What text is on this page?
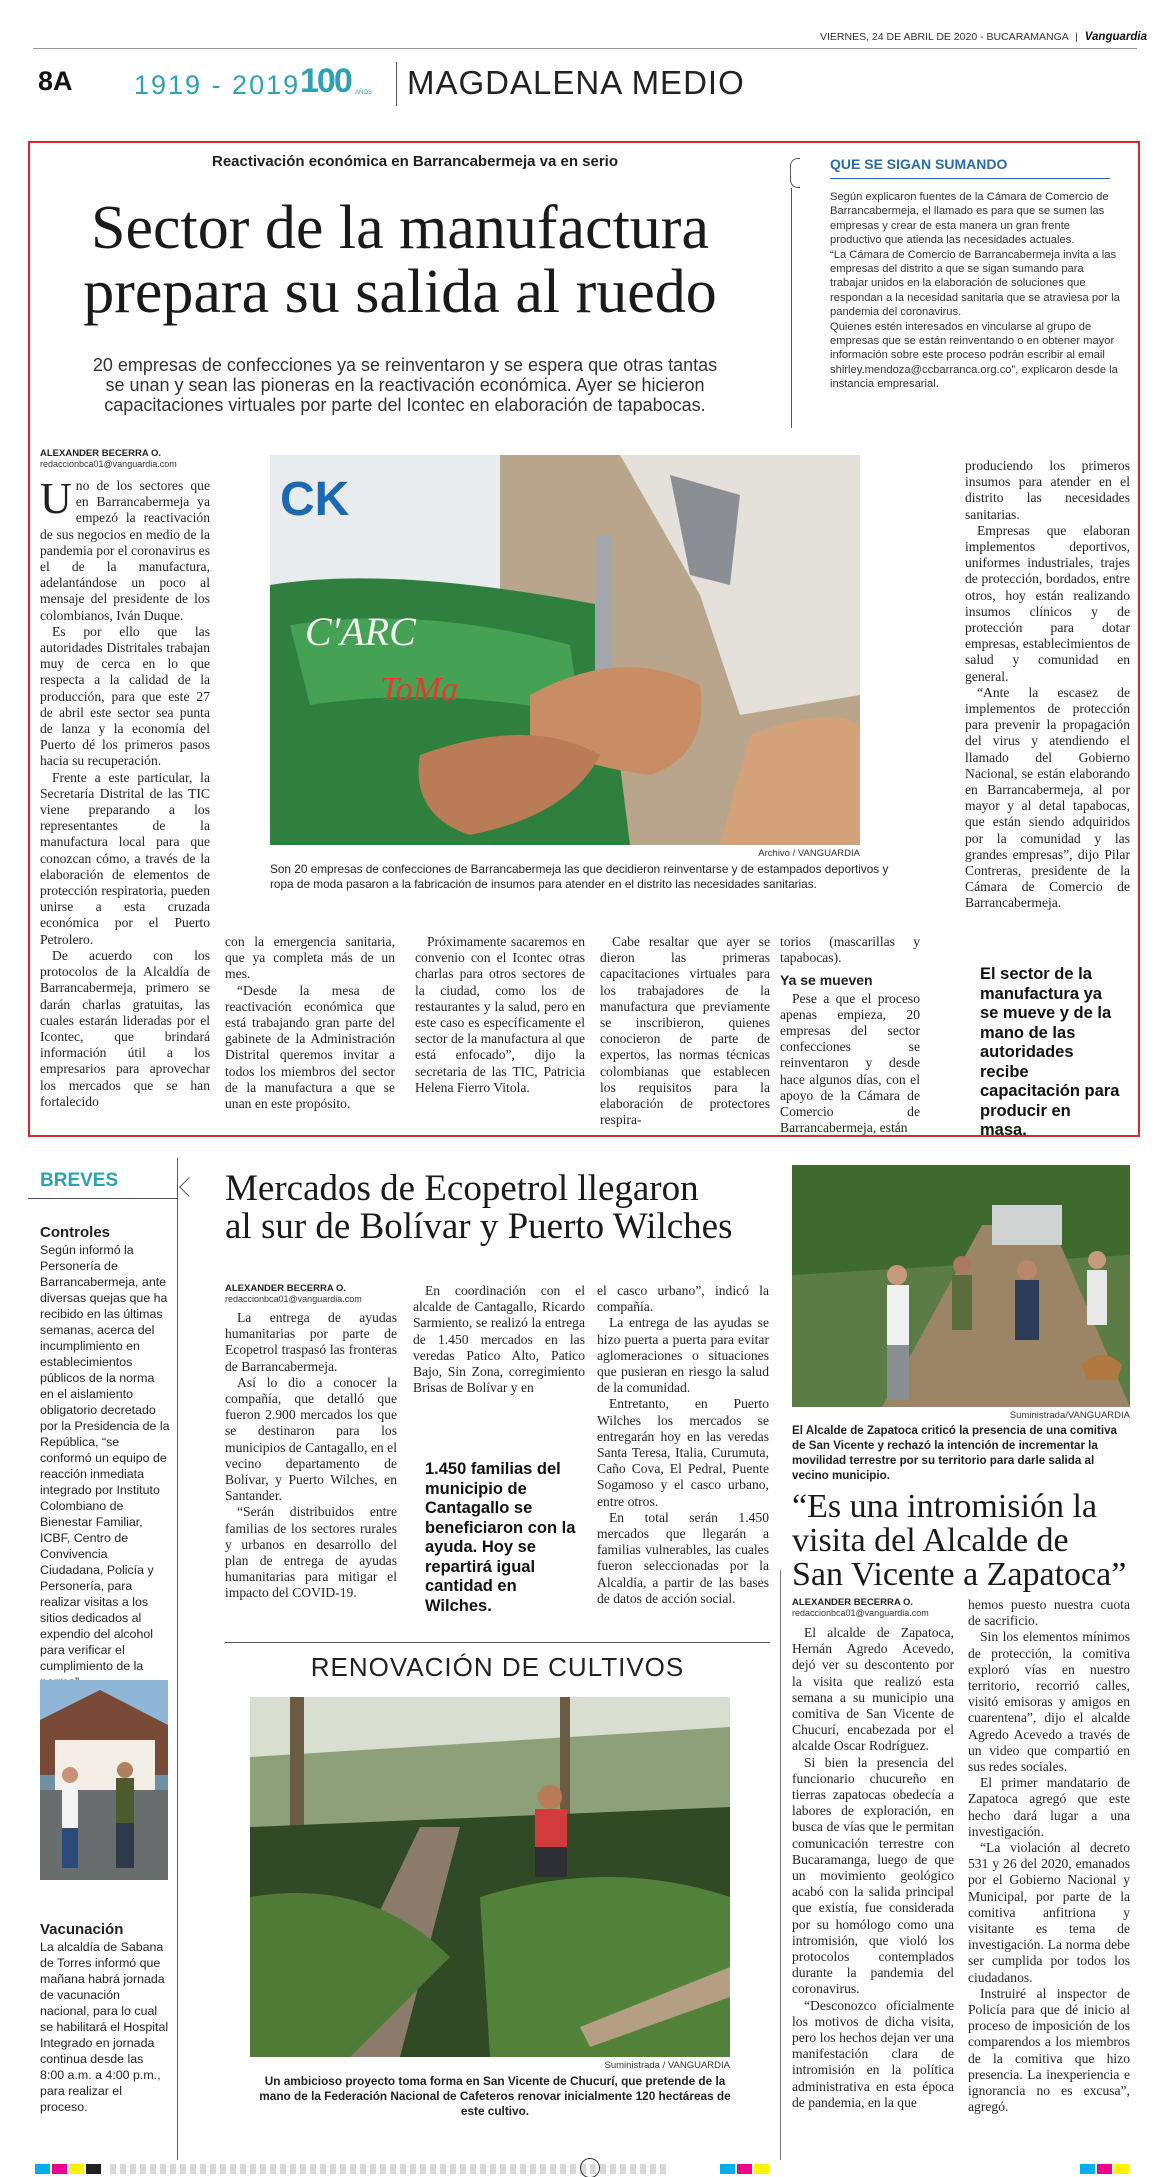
VIERNES, 24 DE ABRIL DE 2020 - BUCARAMANGA | Vanguardia
8A 1919 - 2019 100 AÑOS MAGDALENA MEDIO
Reactivación económica en Barrancabermeja va en serio
Sector de la manufactura
prepara su salida al ruedo
20 empresas de confecciones ya se reinventaron y se espera que otras tantas se unan y sean las pioneras en la reactivación económica. Ayer se hicieron capacitaciones virtuales por parte del Icontec en elaboración de tapabocas.
QUE SE SIGAN SUMANDO
Según explicaron fuentes de la Cámara de Comercio de Barrancabermeja, el llamado es para que se sumen las empresas y crear de esta manera un gran frente productivo que atienda las necesidades actuales.
“La Cámara de Comercio de Barrancabermeja invita a las empresas del distrito a que se sigan sumando para trabajar unidos en la elaboración de soluciones que respondan a la necesidad sanitaria que se atraviesa por la pandemia del coronavirus.
Quienes estén interesados en vincularse al grupo de empresas que se están reinventando o en obtener mayor información sobre este proceso podrán escribir al email shirley.mendoza@ccbarranca.org.co”, explicaron desde la instancia empresarial.
ALEXANDER BECERRA O.
redaccionbca01@vanguardia.com
CK
C'ARC
ToMa
Archivo / VANGUARDIA
Son 20 empresas de confecciones de Barrancabermeja las que decidieron reinventarse y de estampados deportivos y ropa de moda pasaron a la fabricación de insumos para atender en el distrito las necesidades sanitarias.

Uno de los sectores que en Barrancabermeja ya empezó la reactivación de sus negocios en medio de la pandemia por el coronavirus es el de la manufactura, adelantándose un poco al mensaje del presidente de los colombianos, Iván Duque.

Es por ello que las autoridades Distritales trabajan muy de cerca en lo que respecta a la calidad de la producción, para que este 27 de abril este sector sea punta de lanza y la economía del Puerto dé los primeros pasos hacia su recuperación.

Frente a este particular, la Secretaría Distrital de las TIC viene preparando a los representantes de la manufactura local para que conozcan cómo, a través de la elaboración de elementos de protección respiratoria, pueden unirse a esta cruzada económica por el Puerto Petrolero.

De acuerdo con los protocolos de la Alcaldía de Barrancabermeja, primero se darán charlas gratuitas, las cuales estarán lideradas por el Icontec, que brindará información útil a los empresarios para aprovechar los mercados que se han fortalecido

con la emergencia sanitaria, que ya completa más de un mes.

“Desde la mesa de reactivación económica que está trabajando gran parte del gabinete de la Administración Distrital queremos invitar a todos los miembros del sector de la manufactura a que se unan en este propósito.

Próximamente sacaremos en convenio con el Icontec otras charlas para otros sectores de la ciudad, como los de restaurantes y la salud, pero en este caso es específicamente el sector de la manufactura al que está enfocado”, dijo la secretaria de las TIC, Patricia Helena Fierro Vitola.

Cabe resaltar que ayer se dieron las primeras capacitaciones virtuales para los trabajadores de la manufactura que previamente se inscribieron, quienes conocieron de parte de expertos, las normas técnicas colombianas que establecen los requisitos para la elaboración de protectores respira-

torios (mascarillas y tapabocas).

Ya se mueven

Pese a que el proceso apenas empieza, 20 empresas del sector confecciones se reinventaron y desde hace algunos días, con el apoyo de la Cámara de Comercio de Barrancabermeja, están

produciendo los primeros insumos para atender en el distrito las necesidades sanitarias.

Empresas que elaboran implementos deportivos, uniformes industriales, trajes de protección, bordados, entre otros, hoy están realizando insumos clínicos y de protección para dotar empresas, establecimientos de salud y comunidad en general.

“Ante la escasez de implementos de protección para prevenir la propagación del virus y atendiendo el llamado del Gobierno Nacional, se están elaborando en Barrancabermeja, al por mayor y al detal tapabocas, que están siendo adquiridos por la comunidad y las grandes empresas”, dijo Pilar Contreras, presidente de la Cámara de Comercio de Barrancabermeja.

El sector de la manufactura ya se mueve y de la mano de las autoridades recibe capacitación para producir en masa.
BREVES
Controles
Según informó la Personería de Barrancabermeja, ante diversas quejas que ha recibido en las últimas semanas, acerca del incumplimiento en establecimientos públicos de la norma en el aislamiento obligatorio decretado por la Presidencia de la República, “se conformó un equipo de reacción inmediata integrado por Instituto Colombiano de Bienestar Familiar, ICBF, Centro de Convivencia Ciudadana, Policía y Personería, para realizar visitas a los sitios dedicados al expendio del alcohol para verificar el cumplimiento de la
Vacunación
La alcaldía de Sabana de Torres informó que mañana habrá jornada de vacunación nacional, para lo cual se habilitará el Hospital Integrado en jornada continua desde las 8:00 a.m. a 4:00 p.m., para realizar el proceso.
Mercados de Ecopetrol llegaron
al sur de Bolívar y Puerto Wilches
ALEXANDER BECERRA O.
redaccionbca01@vanguardia.com

La entrega de ayudas humanitarias por parte de Ecopetrol traspasó las fronteras de Barrancabermeja.

Así lo dio a conocer la compañía, que detalló que fueron 2.900 mercados los que se destinaron para los municipios de Cantagallo, en el vecino departamento de Bolívar, y Puerto Wilches, en Santander.

“Serán distribuidos entre familias de los sectores rurales y urbanos en desarrollo del plan de entrega de ayudas humanitarias para mitigar el impacto del COVID-19.

En coordinación con el alcalde de Cantagallo, Ricardo Sarmiento, se realizó la entrega de 1.450 mercados en las veredas Patico Alto, Patico Bajo, Sin Zona, corregimiento Brisas de Bolívar y en

1.450 familias del municipio de Cantagallo se beneficiaron con la ayuda. Hoy se repartirá igual cantidad en Wilches.

el casco urbano”, indicó la compañía.

La entrega de las ayudas se hizo puerta a puerta para evitar aglomeraciones o situaciones que pusieran en riesgo la salud de la comunidad.

Entretanto, en Puerto Wilches los mercados se entregarán hoy en las veredas Santa Teresa, Italia, Curumuta, Caño Cova, El Pedral, Puente Sogamoso y el casco urbano, entre otros.

En total serán 1.450 mercados que llegarán a familias vulnerables, las cuales fueron seleccionadas por la Alcaldía, a partir de las bases de datos de acción social.

RENOVACIÓN DE CULTIVOS
Suministrada / VANGUARDIA
Un ambicioso proyecto toma forma en San Vicente de Chucurí, que pretende de la mano de la Federación Nacional de Cafeteros renovar inicialmente 120 hectáreas de este cultivo.
Suministrada/VANGUARDIA
El Alcalde de Zapatoca criticó la presencia de una comitiva de San Vicente y rechazó la intención de incrementar la movilidad terrestre por su territorio para darle salida al vecino municipio.
“Es una intromisión la
visita del Alcalde de
San Vicente a Zapatoca”
ALEXANDER BECERRA O.
redaccionbca01@vanguardia.com

El alcalde de Zapatoca, Hernán Agredo Acevedo, dejó ver su descontento por la visita que realizó esta semana a su municipio una comitiva de San Vicente de Chucurí, encabezada por el alcalde Oscar Rodríguez.

Si bien la presencia del funcionario chucureño en tierras zapatocas obedecía a labores de exploración, en busca de vías que le permitan comunicación terrestre con Bucaramanga, luego de que un movimiento geológico acabó con la salida principal que existía, fue considerada por su homólogo como una intromisión, que violó los protocolos contemplados durante la pandemia del coronavirus.

“Desconozco oficialmente los motivos de dicha visita, pero los hechos dejan ver una manifestación clara de intromisión en la política administrativa en esta época de pandemia, en la que

hemos puesto nuestra cuota de sacrificio.

Sin los elementos mínimos de protección, la comitiva exploró vías en nuestro territorio, recorrió calles, visitó emisoras y amigos en cuarentena”, dijo el alcalde Agredo Acevedo a través de un video que compartió en sus redes sociales.

El primer mandatario de Zapatoca agregó que este hecho dará lugar a una investigación.

“La violación al decreto 531 y 26 del 2020, emanados por el Gobierno Nacional y Municipal, por parte de la comitiva anfitriona y visitante es tema de investigación. La norma debe ser cumplida por todos los ciudadanos.

Instruiré al inspector de Policía para que dé inicio al proceso de imposición de los comparendos a los miembros de la comitiva que hizo presencia. La inexperiencia e ignorancia no es excusa”, agregó.
